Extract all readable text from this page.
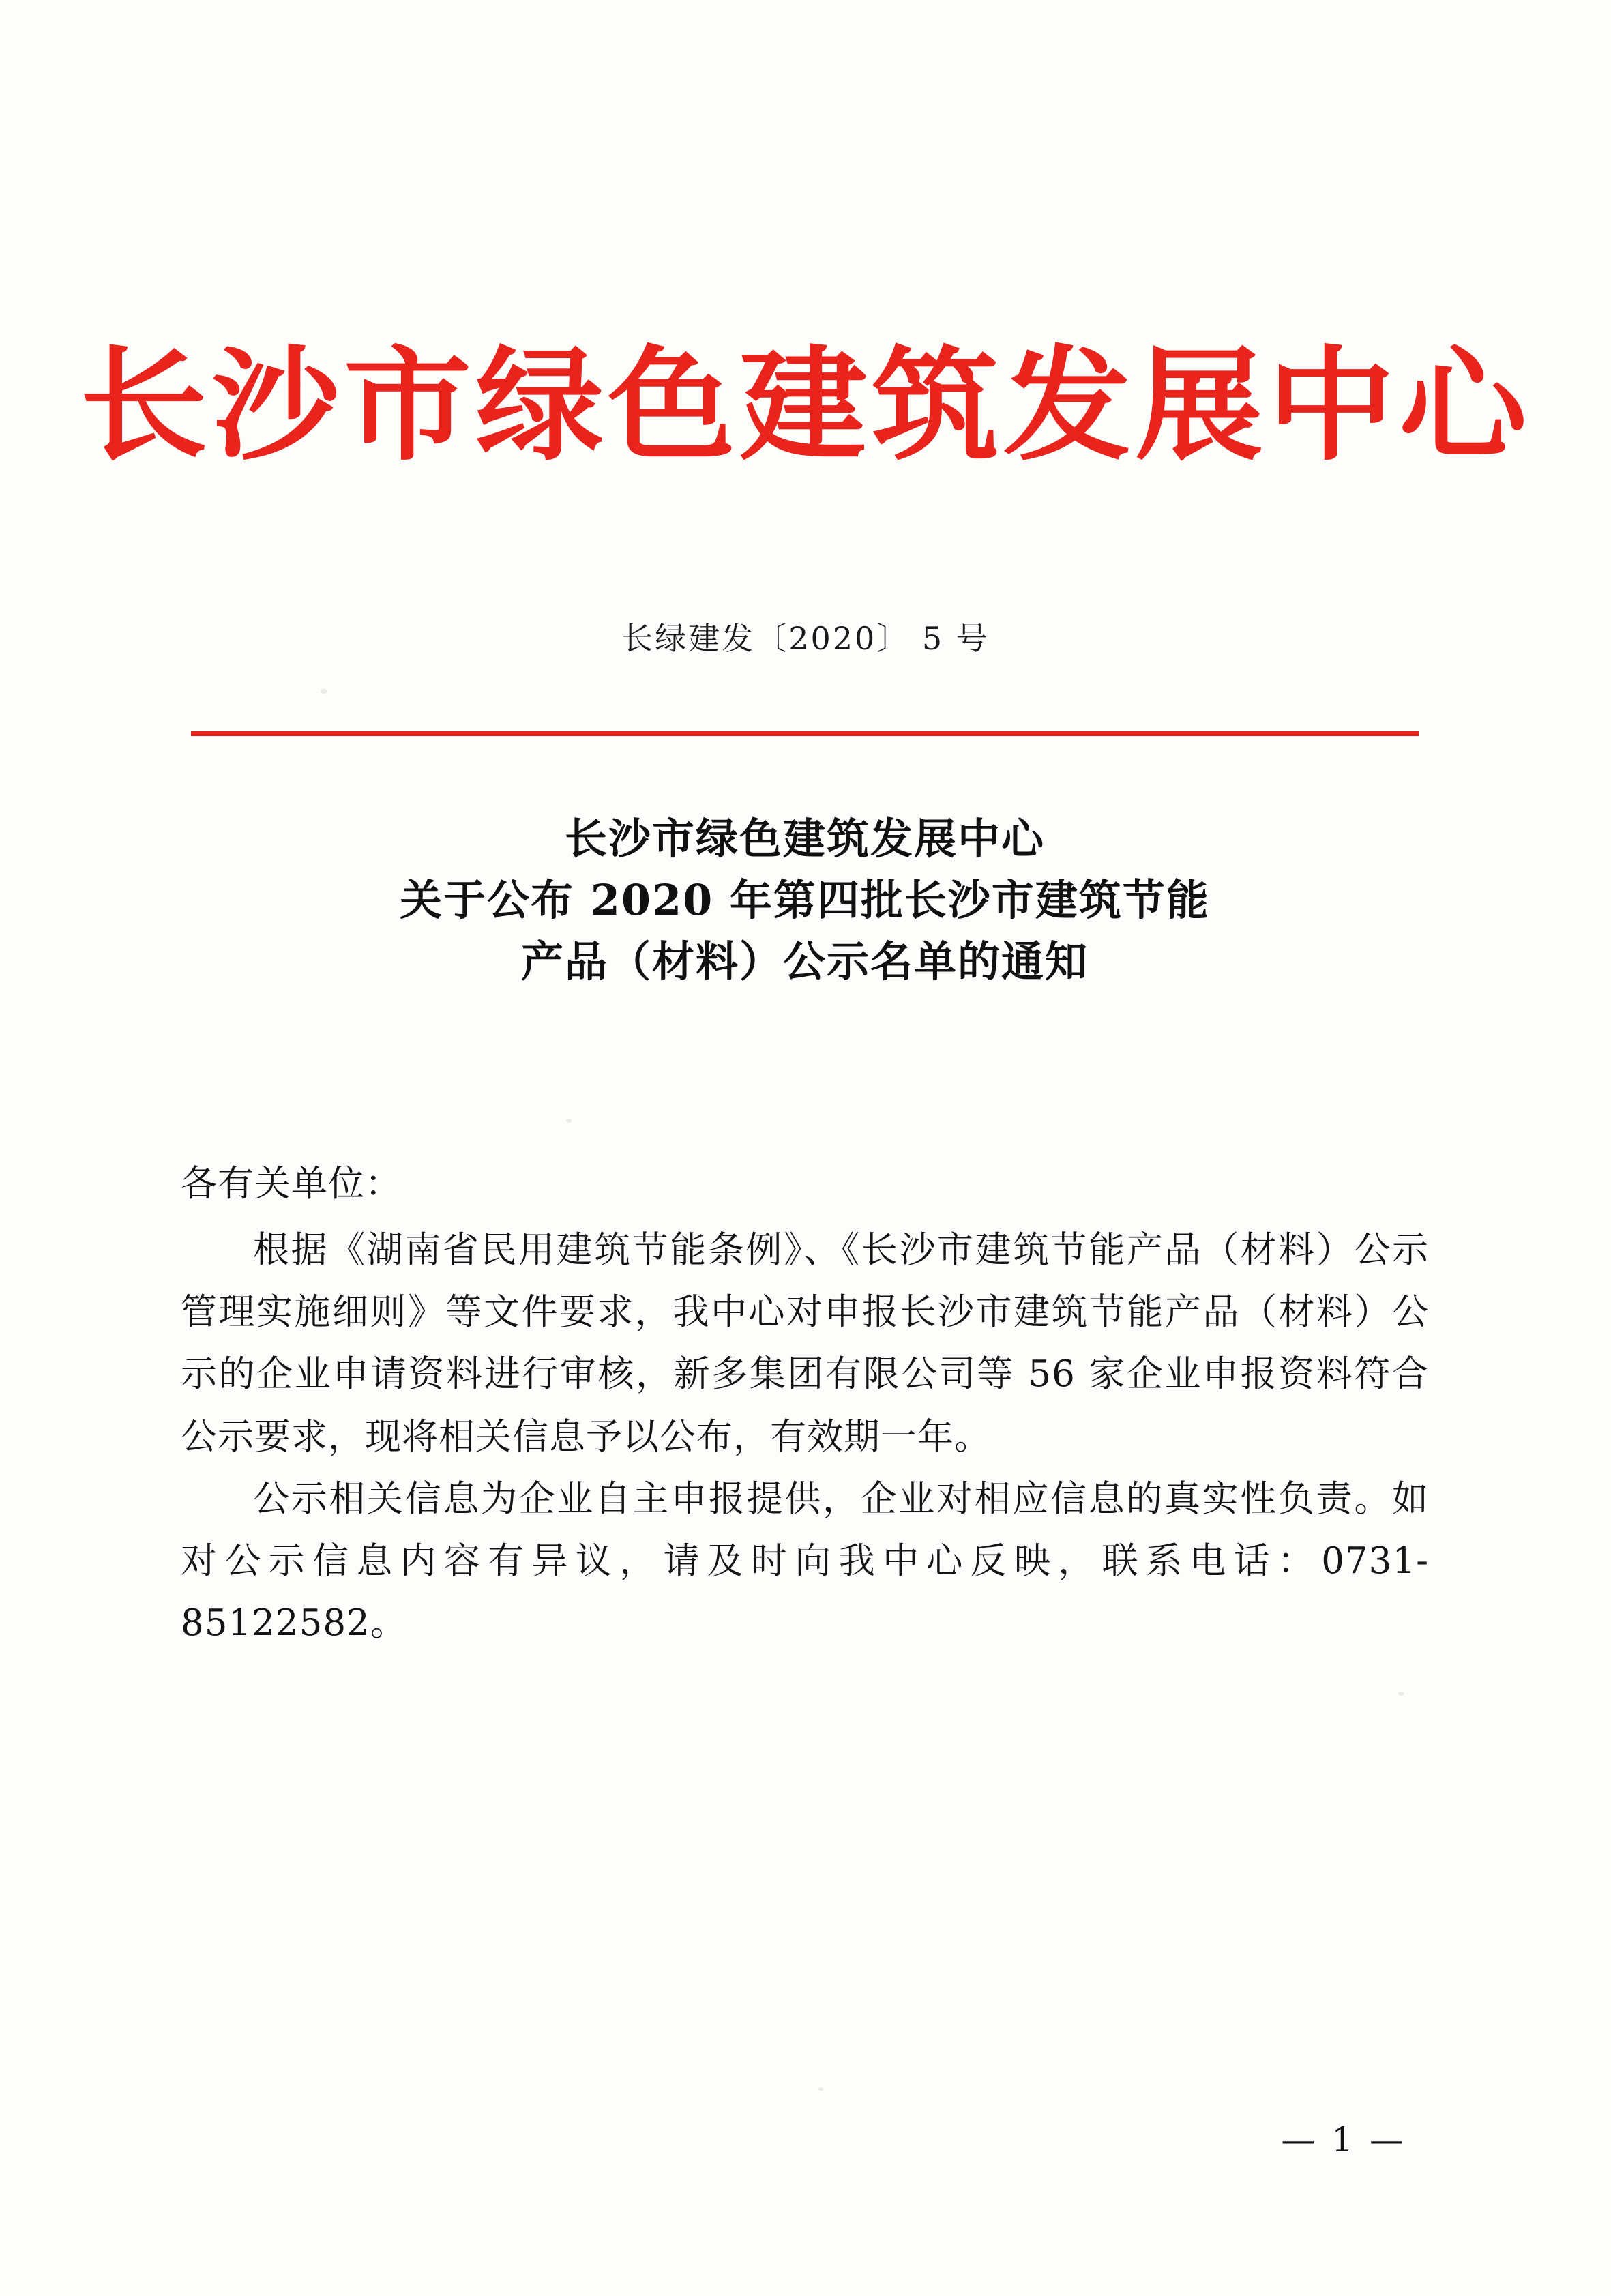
长沙市绿色建筑发展中心
长绿建发〔2020〕 5 号
长沙市绿色建筑发展中心
关于公布 2020 年第四批长沙市建筑节能
产品（材料）公示名单的通知

各有关单位：

根据《湖南省民用建筑节能条例》、《长沙市建筑节能产品（材料）公示管理实施细则》等文件要求，我中心对申报长沙市建筑节能产品（材料）公示的企业申请资料进行审核，新多集团有限公司等 56 家企业申报资料符合公示要求，现将相关信息予以公布，有效期一年。

公示相关信息为企业自主申报提供，企业对相应信息的真实性负责。如对公示信息内容有异议，请及时向我中心反映，联系电话：0731-85122582。

— 1 —
